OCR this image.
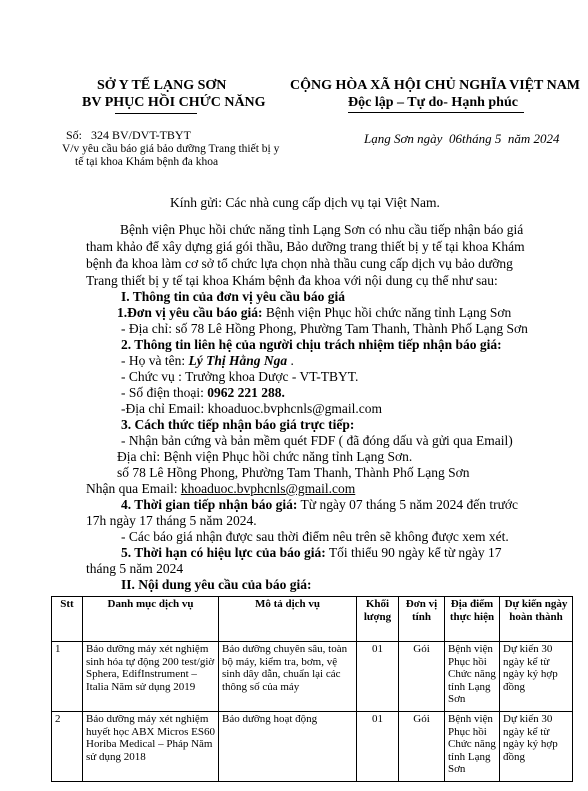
SỞ Y TẾ LẠNG SƠN
BV PHỤC HỒI CHỨC NĂNG
CỘNG HÒA XÃ HỘI CHỦ NGHĨA VIỆT NAM
Độc lập – Tự do- Hạnh phúc
Số: 324 BV/DVT-TBYT
V/v yêu cầu báo giá bảo dưỡng Trang thiết bị y
tế tại khoa Khám bệnh đa khoa
Lạng Sơn ngày 06tháng 5 năm 2024
Kính gửi: Các nhà cung cấp dịch vụ tại Việt Nam.
Bệnh viện Phục hồi chức năng tỉnh Lạng Sơn có nhu cầu tiếp nhận báo giá
tham khảo để xây dựng giá gói thầu, Bảo dưỡng trang thiết bị y tế tại khoa Khám
bệnh đa khoa làm cơ sở tổ chức lựa chọn nhà thầu cung cấp dịch vụ bảo dưỡng
Trang thiết bị y tế tại khoa Khám bệnh đa khoa với nội dung cụ thể như sau:
I. Thông tin của đơn vị yêu cầu báo giá
1.Đơn vị yêu cầu báo giá: Bệnh viện Phục hồi chức năng tỉnh Lạng Sơn
- Địa chỉ: số 78 Lê Hồng Phong, Phường Tam Thanh, Thành Phố Lạng Sơn
2. Thông tin liên hệ của người chịu trách nhiệm tiếp nhận báo giá:
- Họ và tên: Lý Thị Hằng Nga .
- Chức vụ : Trưởng khoa Dược - VT-TBYT.
- Số điện thoại: 0962 221 288.
-Địa chỉ Email: khoaduoc.bvphcnls@gmail.com
3. Cách thức tiếp nhận báo giá trực tiếp:
- Nhận bản cứng và bản mềm quét FDF ( đã đóng dấu và gửi qua Email)
Địa chỉ: Bệnh viện Phục hồi chức năng tỉnh Lạng Sơn.
số 78 Lê Hồng Phong, Phường Tam Thanh, Thành Phố Lạng Sơn
Nhận qua Email: khoaduoc.bvphcnls@gmail.com
4. Thời gian tiếp nhận báo giá: Từ ngày 07 tháng 5 năm 2024 đến trước
17h ngày 17 tháng 5 năm 2024.
- Các báo giá nhận được sau thời điểm nêu trên sẽ không được xem xét.
5. Thời hạn có hiệu lực của báo giá: Tối thiểu 90 ngày kể từ ngày 17
tháng 5 năm 2024
II. Nội dung yêu cầu của báo giá:
Stt	Danh mục dịch vụ	Mô tả dịch vụ	Khối lượng	Đơn vị tính	Địa điểm thực hiện	Dự kiến ngày hoàn thành
1	Bảo dưỡng máy xét nghiệm sinh hóa tự động 200 test/giờ Sphera, EdifInstrument – Italia Năm sử dụng 2019	Bảo dưỡng chuyên sâu, toàn bộ máy, kiểm tra, bơm, vệ sinh dây dẫn, chuẩn lại các thông số của máy	01	Gói	Bệnh viện Phục hồi Chức năng tỉnh Lạng Sơn	Dự kiến 30 ngày kể từ ngày ký hợp đồng
2	Bảo dưỡng máy xét nghiệm huyết học ABX Micros ES60 Horiba Medical – Pháp Năm sử dụng 2018	Bảo dưỡng hoạt động	01	Gói	Bệnh viện Phục hồi Chức năng tỉnh Lạng Sơn	Dự kiến 30 ngày kể từ ngày ký hợp đồng
